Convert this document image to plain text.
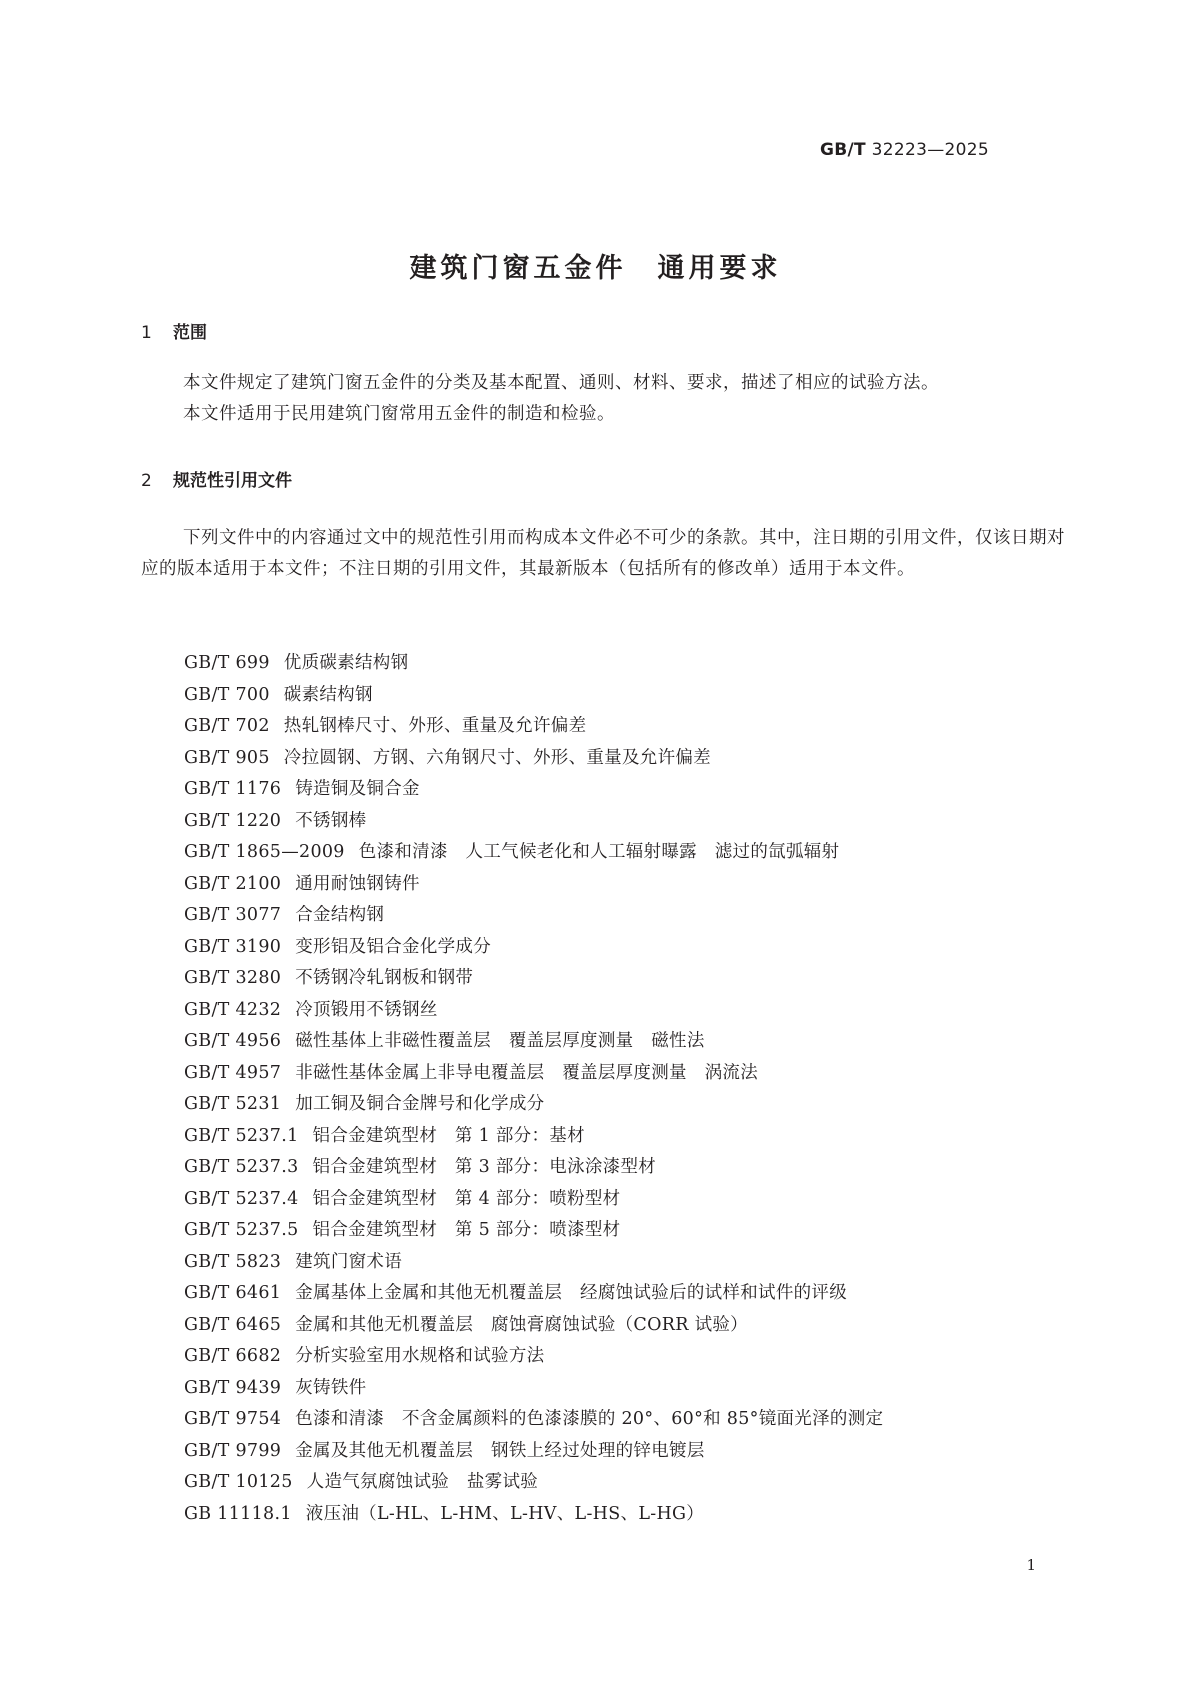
GB/T 32223—2025
建筑门窗五金件　通用要求
1 范围
本文件规定了建筑门窗五金件的分类及基本配置、通则、材料、要求，描述了相应的试验方法。
本文件适用于民用建筑门窗常用五金件的制造和检验。
2 规范性引用文件
下列文件中的内容通过文中的规范性引用而构成本文件必不可少的条款。其中，注日期的引用文件，仅该日期对应的版本适用于本文件；不注日期的引用文件，其最新版本（包括所有的修改单）适用于本文件。
GB/T 699 优质碳素结构钢
GB/T 700 碳素结构钢
GB/T 702 热轧钢棒尺寸、外形、重量及允许偏差
GB/T 905 冷拉圆钢、方钢、六角钢尺寸、外形、重量及允许偏差
GB/T 1176 铸造铜及铜合金
GB/T 1220 不锈钢棒
GB/T 1865—2009 色漆和清漆　人工气候老化和人工辐射曝露　滤过的氙弧辐射
GB/T 2100 通用耐蚀钢铸件
GB/T 3077 合金结构钢
GB/T 3190 变形铝及铝合金化学成分
GB/T 3280 不锈钢冷轧钢板和钢带
GB/T 4232 冷顶锻用不锈钢丝
GB/T 4956 磁性基体上非磁性覆盖层　覆盖层厚度测量　磁性法
GB/T 4957 非磁性基体金属上非导电覆盖层　覆盖层厚度测量　涡流法
GB/T 5231 加工铜及铜合金牌号和化学成分
GB/T 5237.1 铝合金建筑型材　第 1 部分：基材
GB/T 5237.3 铝合金建筑型材　第 3 部分：电泳涂漆型材
GB/T 5237.4 铝合金建筑型材　第 4 部分：喷粉型材
GB/T 5237.5 铝合金建筑型材　第 5 部分：喷漆型材
GB/T 5823 建筑门窗术语
GB/T 6461 金属基体上金属和其他无机覆盖层　经腐蚀试验后的试样和试件的评级
GB/T 6465 金属和其他无机覆盖层　腐蚀膏腐蚀试验（CORR 试验）
GB/T 6682 分析实验室用水规格和试验方法
GB/T 9439 灰铸铁件
GB/T 9754 色漆和清漆　不含金属颜料的色漆漆膜的 20°、60°和 85°镜面光泽的测定
GB/T 9799 金属及其他无机覆盖层　钢铁上经过处理的锌电镀层
GB/T 10125 人造气氛腐蚀试验　盐雾试验
GB 11118.1 液压油（L-HL、L-HM、L-HV、L-HS、L-HG）
1
